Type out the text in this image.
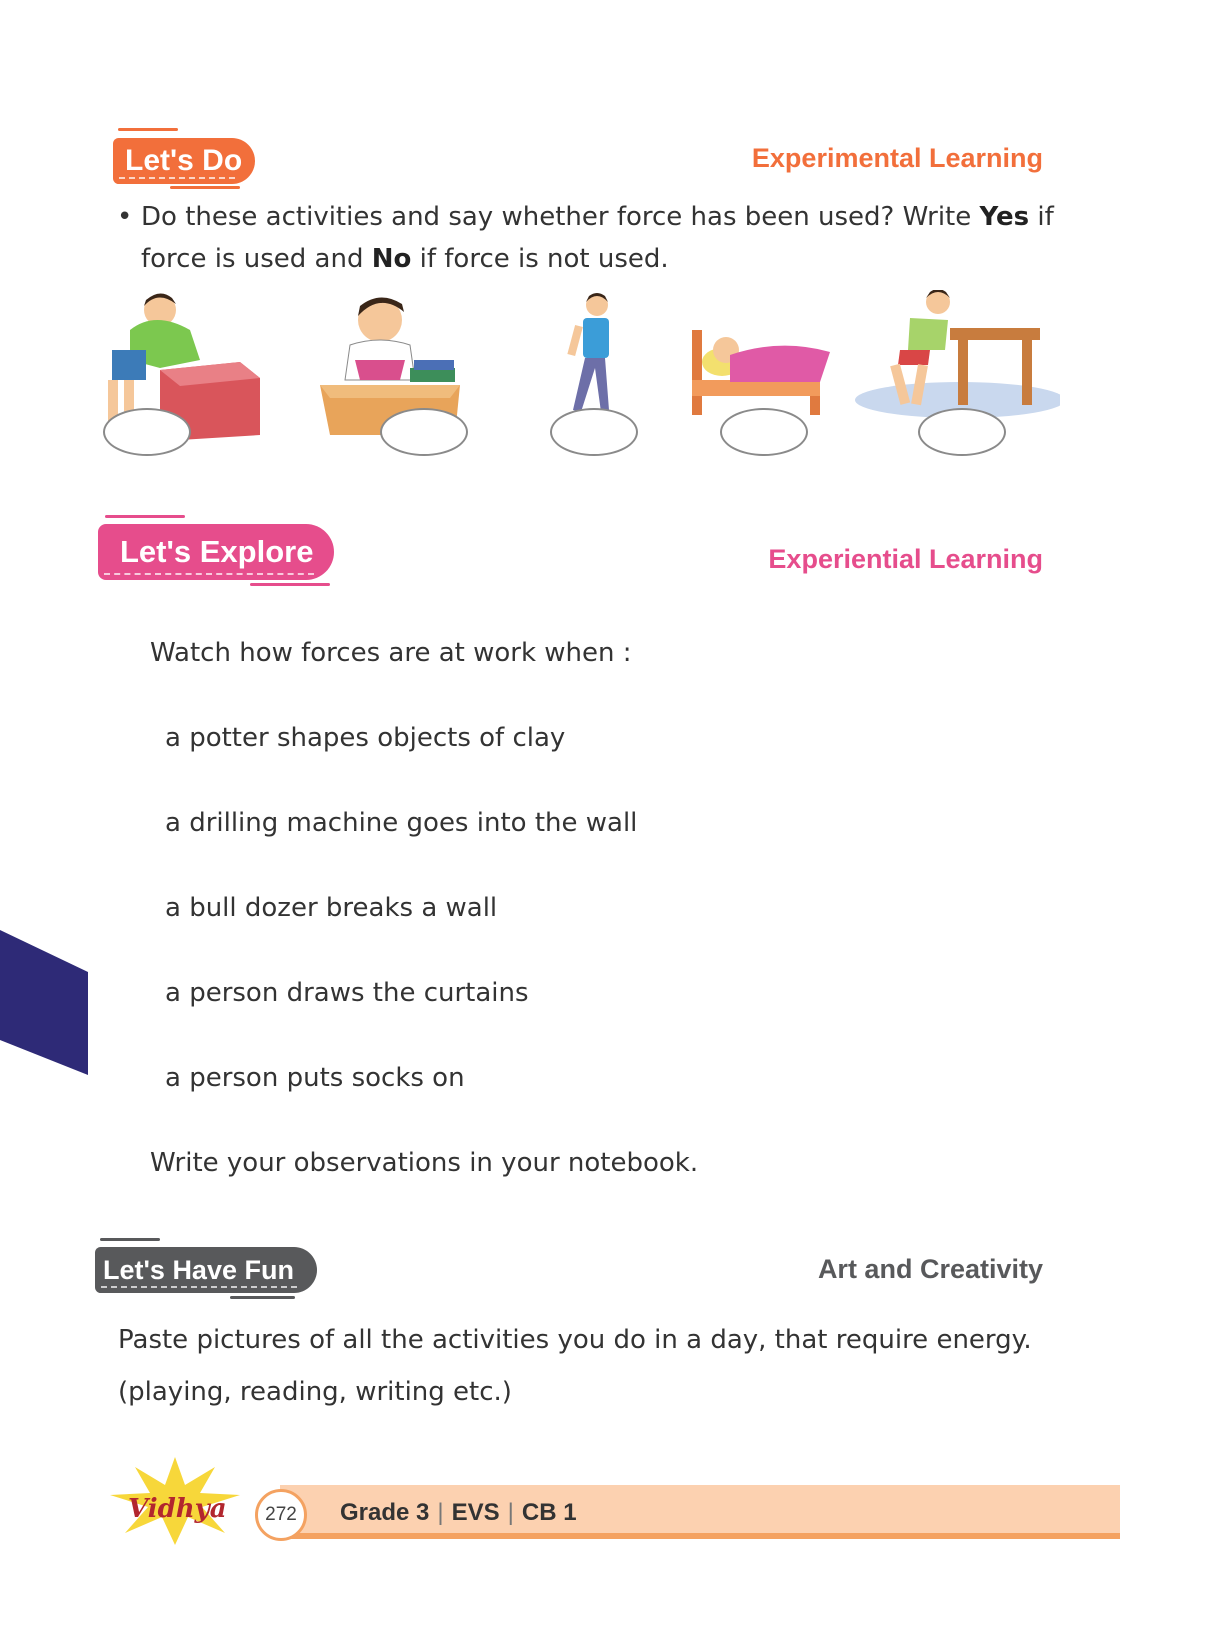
Let's Do	Experimental Learning
• Do these activities and say whether force has been used? Write Yes if
force is used and No if force is not used.
Let's Explore	Experiential Learning
Watch how forces are at work when :
a potter shapes objects of clay
a drilling machine goes into the wall
a bull dozer breaks a wall
a person draws the curtains
a person puts socks on
Write your observations in your notebook.
Let's Have Fun	Art and Creativity
Paste pictures of all the activities you do in a day, that require energy.
(playing, reading, writing etc.)
Vidhya	272	Grade 3 | EVS | CB 1
